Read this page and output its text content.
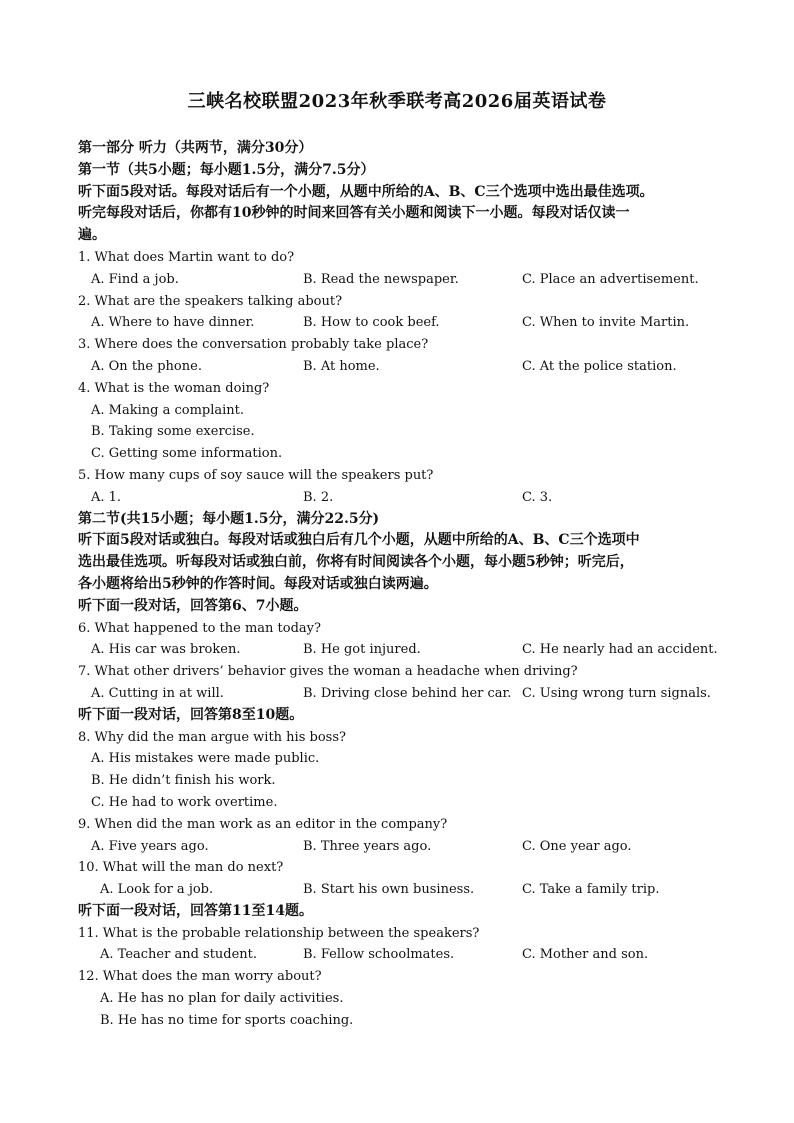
三峡名校联盟2023年秋季联考高2026届英语试卷
第一部分 听力（共两节，满分30分）
第一节（共5小题；每小题1.5分，满分7.5分）
听下面5段对话。每段对话后有一个小题，从题中所给的A、B、C三个选项中选出最佳选项。
听完每段对话后，你都有10秒钟的时间来回答有关小题和阅读下一小题。每段对话仅读一
遍。
1. What does Martin want to do?
A. Find a job.	B. Read the newspaper.	C. Place an advertisement.
2. What are the speakers talking about?
A. Where to have dinner.	B. How to cook beef.	C. When to invite Martin.
3. Where does the conversation probably take place?
A. On the phone.	B. At home.	C. At the police station.
4. What is the woman doing?
A. Making a complaint.
B. Taking some exercise.
C. Getting some information.
5. How many cups of soy sauce will the speakers put?
A. 1.	B. 2.	C. 3.
第二节(共15小题；每小题1.5分，满分22.5分)
听下面5段对话或独白。每段对话或独白后有几个小题，从题中所给的A、B、C三个选项中
选出最佳选项。听每段对话或独白前，你将有时间阅读各个小题，每小题5秒钟；听完后，
各小题将给出5秒钟的作答时间。每段对话或独白读两遍。
听下面一段对话，回答第6、7小题。
6. What happened to the man today?
A. His car was broken.	B. He got injured.	C. He nearly had an accident.
7. What other drivers’ behavior gives the woman a headache when driving?
A. Cutting in at will.	B. Driving close behind her car. C. Using wrong turn signals.
听下面一段对话，回答第8至10题。
8. Why did the man argue with his boss?
A. His mistakes were made public.
B. He didn’t finish his work.
C. He had to work overtime.
9. When did the man work as an editor in the company?
A. Five years ago.	B. Three years ago.	C. One year ago.
10. What will the man do next?
A. Look for a job.	B. Start his own business.	C. Take a family trip.
听下面一段对话，回答第11至14题。
11. What is the probable relationship between the speakers?
A. Teacher and student.	B. Fellow schoolmates.	C. Mother and son.
12. What does the man worry about?
A. He has no plan for daily activities.
B. He has no time for sports coaching.
